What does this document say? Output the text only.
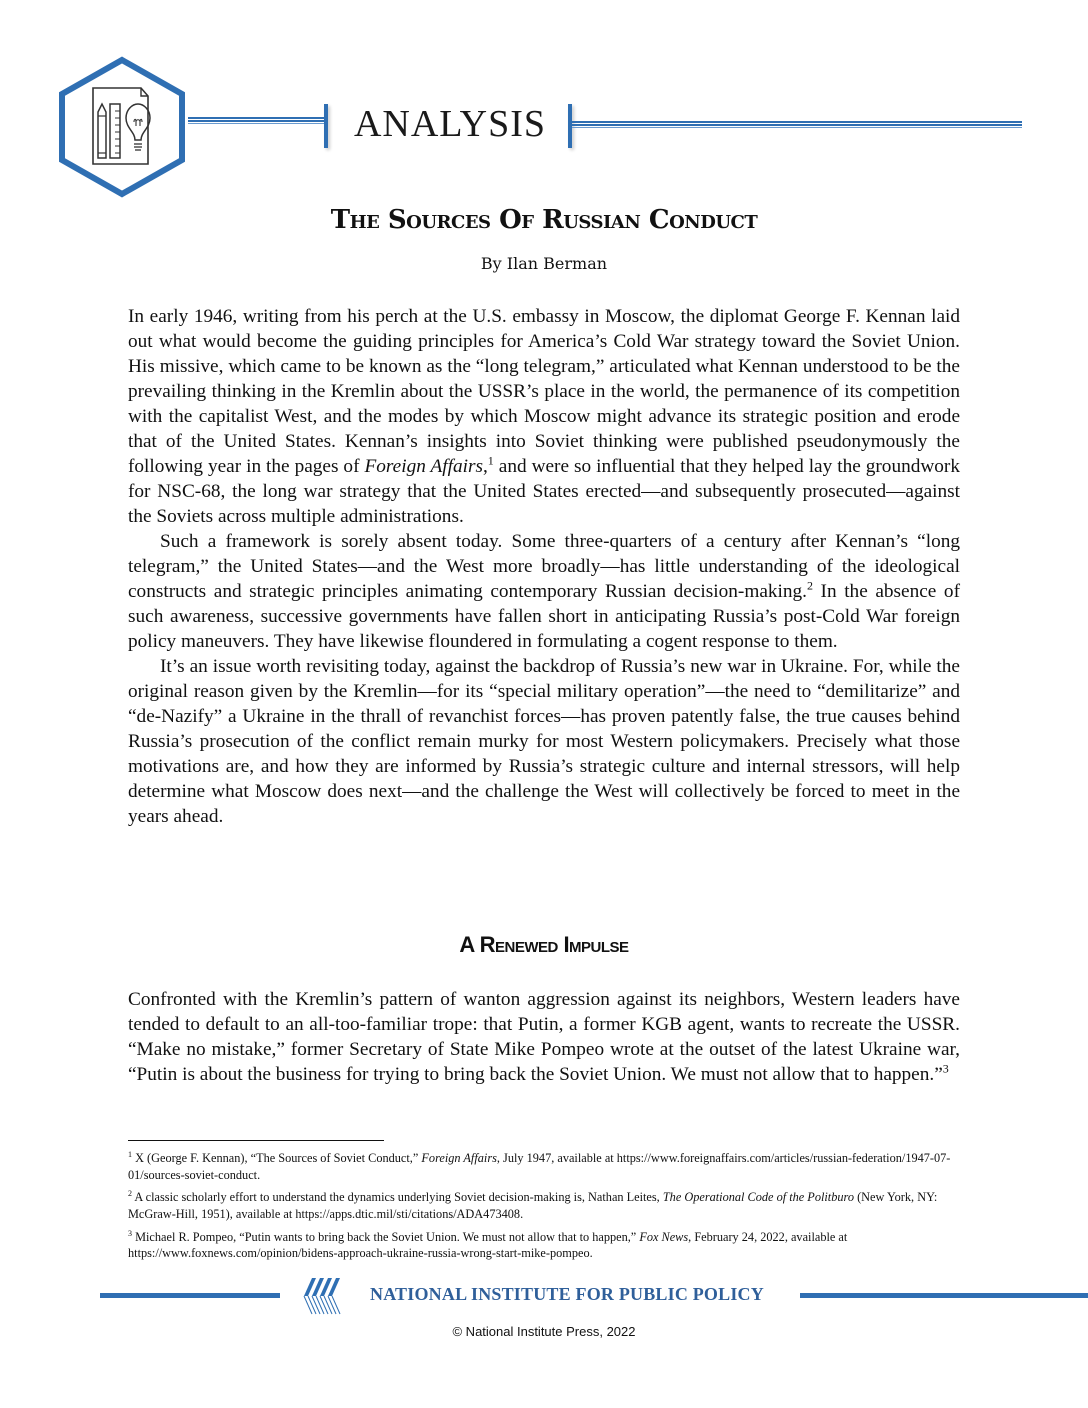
ANALYSIS
The Sources Of Russian Conduct
By Ilan Berman

In early 1946, writing from his perch at the U.S. embassy in Moscow, the diplomat George F. Kennan laid out what would become the guiding principles for America’s Cold War strategy toward the Soviet Union. His missive, which came to be known as the “long telegram,” articulated what Kennan understood to be the prevailing thinking in the Kremlin about the USSR’s place in the world, the permanence of its competition with the capitalist West, and the modes by which Moscow might advance its strategic position and erode that of the United States. Kennan’s insights into Soviet thinking were published pseudonymously the following year in the pages of Foreign Affairs,$^1$ and were so influential that they helped lay the groundwork for NSC-68, the long war strategy that the United States erected—and subsequently prosecuted—against the Soviets across multiple administrations.

Such a framework is sorely absent today. Some three-quarters of a century after Kennan’s “long telegram,” the United States—and the West more broadly—has little understanding of the ideological constructs and strategic principles animating contemporary Russian decision-making.$^2$ In the absence of such awareness, successive governments have fallen short in anticipating Russia’s post-Cold War foreign policy maneuvers. They have likewise floundered in formulating a cogent response to them.

It’s an issue worth revisiting today, against the backdrop of Russia’s new war in Ukraine. For, while the original reason given by the Kremlin—for its “special military operation”—the need to “demilitarize” and “de-Nazify” a Ukraine in the thrall of revanchist forces—has proven patently false, the true causes behind Russia’s prosecution of the conflict remain murky for most Western policymakers. Precisely what those motivations are, and how they are informed by Russia’s strategic culture and internal stressors, will help determine what Moscow does next—and the challenge the West will collectively be forced to meet in the years ahead.

A Renewed Impulse

Confronted with the Kremlin’s pattern of wanton aggression against its neighbors, Western leaders have tended to default to an all-too-familiar trope: that Putin, a former KGB agent, wants to recreate the USSR. “Make no mistake,” former Secretary of State Mike Pompeo wrote at the outset of the latest Ukraine war, “Putin is about the business for trying to bring back the Soviet Union. We must not allow that to happen.”$^3$

$^1$ X (George F. Kennan), “The Sources of Soviet Conduct,” Foreign Affairs, July 1947, available at https://www.foreignaffairs.com/articles/russian-federation/1947-07-01/sources-soviet-conduct.

$^2$ A classic scholarly effort to understand the dynamics underlying Soviet decision-making is, Nathan Leites, The Operational Code of the Politburo (New York, NY: McGraw-Hill, 1951), available at https://apps.dtic.mil/sti/citations/ADA473408.

$^3$ Michael R. Pompeo, “Putin wants to bring back the Soviet Union. We must not allow that to happen,” Fox News, February 24, 2022, available at https://www.foxnews.com/opinion/bidens-approach-ukraine-russia-wrong-start-mike-pompeo.

NATIONAL INSTITUTE FOR PUBLIC POLICY
© National Institute Press, 2022
